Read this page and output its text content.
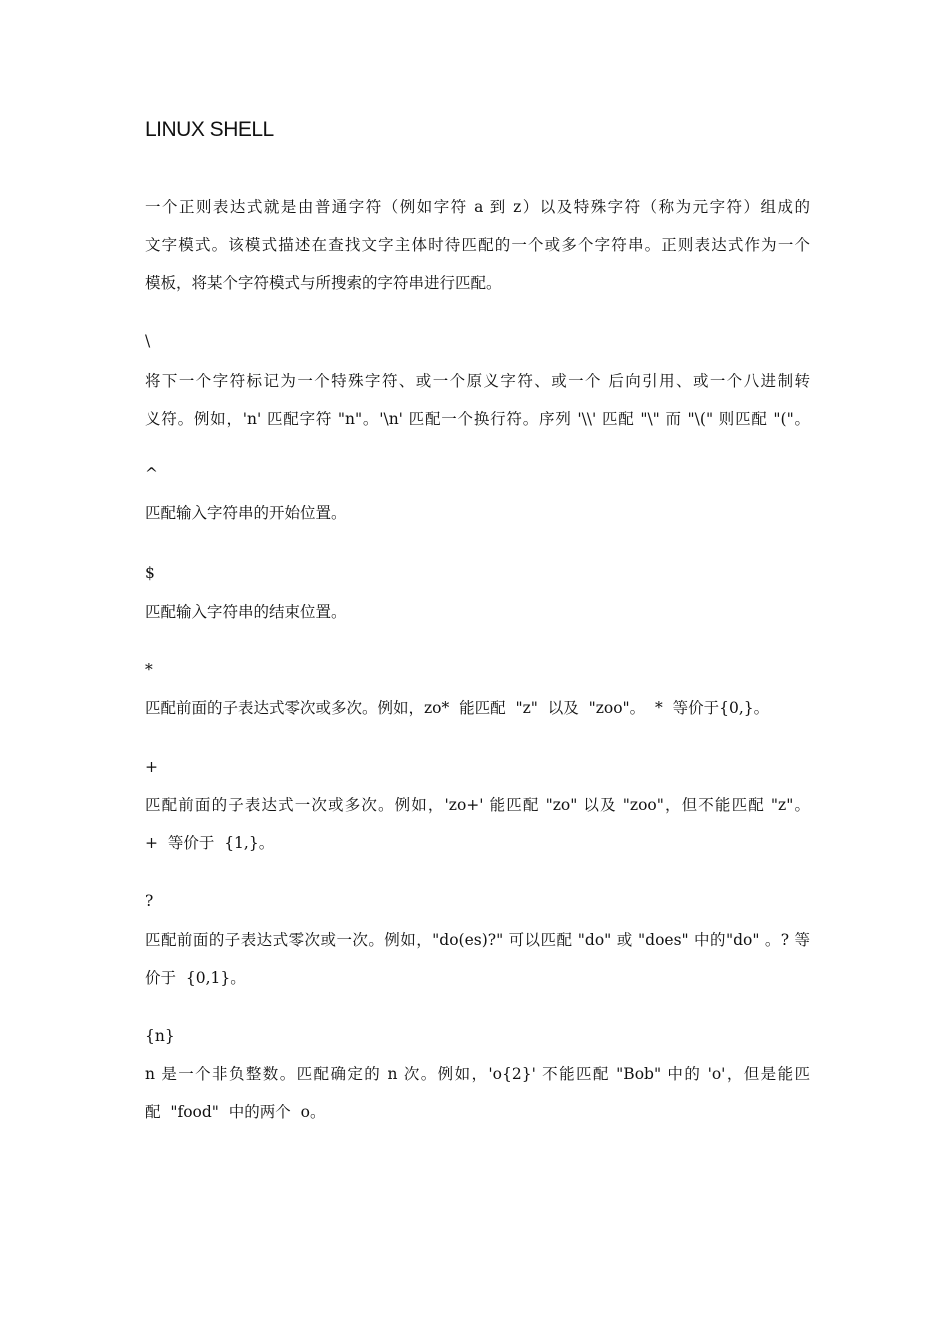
LINUX SHELL
一个正则表达式就是由普通字符（例如字符 a 到 z）以及特殊字符（称为元字符）组成的
文字模式。该模式描述在查找文字主体时待匹配的一个或多个字符串。正则表达式作为一个
模板，将某个字符模式与所搜索的字符串进行匹配。
\
将下一个字符标记为一个特殊字符、或一个原义字符、或一个 后向引用、或一个八进制转
义符。例如，'n' 匹配字符 "n"。'\n' 匹配一个换行符。序列 '\\' 匹配 "\" 而 "\(" 则匹配 "("。
^
匹配输入字符串的开始位置。
$
匹配输入字符串的结束位置。
*
匹配前面的子表达式零次或多次。例如，zo*  能匹配  "z"  以及  "zoo"。  *  等价于{0,}。
+
匹配前面的子表达式一次或多次。例如，'zo+' 能匹配 "zo" 以及 "zoo"，但不能匹配 "z"。
+  等价于  {1,}。
?
匹配前面的子表达式零次或一次。例如，"do(es)?" 可以匹配 "do" 或 "does" 中的"do" 。? 等
价于  {0,1}。
{n}
n 是一个非负整数。匹配确定的 n 次。例如，'o{2}' 不能匹配 "Bob" 中的 'o'，但是能匹
配  "food"  中的两个  o。
